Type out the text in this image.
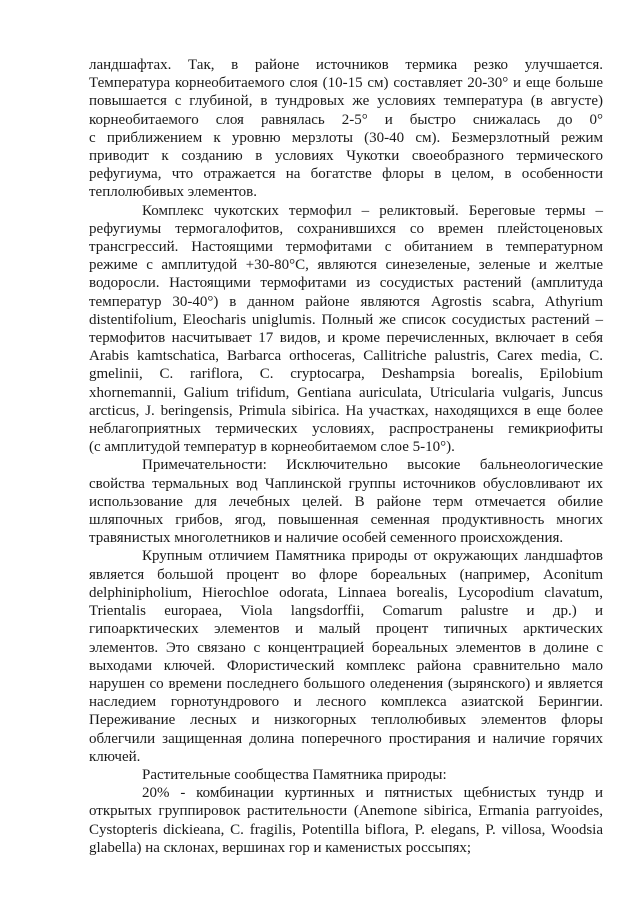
ландшафтах. Так, в районе источников термика резко улучшается.
Температура корнеобитаемого слоя (10-15 см) составляет 20-30° и еще больше
повышается с глубиной, в тундровых же условиях температура (в августе)
корнеобитаемого слоя равнялась 2-5° и быстро снижалась до 0°
с приближением к уровню мерзлоты (30-40 см). Безмерзлотный режим
приводит к созданию в условиях Чукотки своеобразного термического
рефугиума, что отражается на богатстве флоры в целом, в особенности
теплолюбивых элементов.

Комплекс чукотских термофил – реликтовый. Береговые термы –
рефугиумы термогалофитов, сохранившихся со времен плейстоценовых
трансгрессий. Настоящими термофитами с обитанием в температурном
режиме с амплитудой +30-80°С, являются синезеленые, зеленые и желтые
водоросли. Настоящими термофитами из сосудистых растений (амплитуда
температур 30-40°) в данном районе являются Agrostis scabra, Athyrium
distentifolium, Eleocharis uniglumis. Полный же список сосудистых растений –
термофитов насчитывает 17 видов, и кроме перечисленных, включает в себя
Arabis kamtschatica, Barbarca orthoceras, Callitriche palustris, Carex media, C.
gmelinii, C. rariflora, C. cryptocarpa, Deshampsia borealis, Epilobium
xhornemannii, Galium trifidum, Gentiana auriculata, Utricularia vulgaris, Juncus
arcticus, J. beringensis, Primula sibirica. На участках, находящихся в еще более
неблагоприятных термических условиях, распространены гемикриофиты
(с амплитудой температур в корнеобитаемом слое 5-10°).

Примечательности: Исключительно высокие бальнеологические
свойства термальных вод Чаплинской группы источников обусловливают их
использование для лечебных целей. В районе терм отмечается обилие
шляпочных грибов, ягод, повышенная семенная продуктивность многих
травянистых многолетников и наличие особей семенного происхождения.

Крупным отличием Памятника природы от окружающих ландшафтов
является большой процент во флоре бореальных (например, Aconitum
delphiniphоlium, Hierochloe odorata, Linnaea borealis, Lycopodium clavatum,
Trientalis europaea, Viola langsdorffii, Comarum palustre и др.) и
гипоарктических элементов и малый процент типичных арктических
элементов. Это связано с концентрацией бореальных элементов в долине с
выходами ключей. Флористический комплекс района сравнительно мало
нарушен со времени последнего большого оледенения (зырянского) и является
наследием горнотундрового и лесного комплекса азиатской Берингии.
Переживание лесных и низкогорных теплолюбивых элементов флоры
облегчили защищенная долина поперечного простирания и наличие горячих
ключей.

Растительные сообщества Памятника природы:

20% - комбинации куртинных и пятнистых щебнистых тундр и
открытых группировок растительности (Anemone sibirica, Ermania parryoides,
Cystopteris dickieana, C. fragilis, Potentilla biflora, P. elegans, P. villosa, Woodsia
glabella) на склонах, вершинах гор и каменистых россыпях;
